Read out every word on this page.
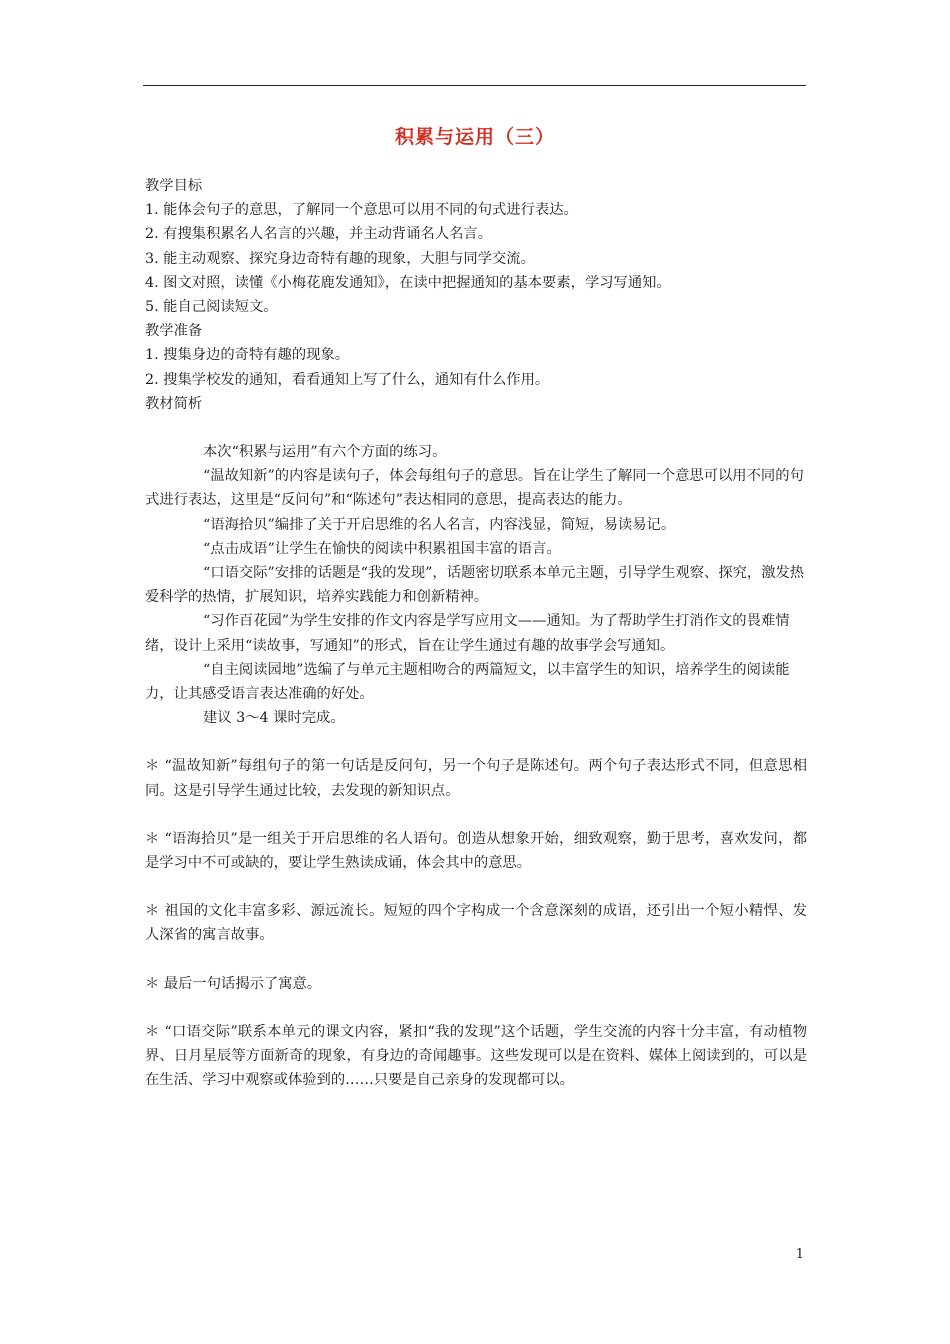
积累与运用（三）

教学目标

1. 能体会句子的意思，了解同一个意思可以用不同的句式进行表达。

2. 有搜集积累名人名言的兴趣，并主动背诵名人名言。

3. 能主动观察、探究身边奇特有趣的现象，大胆与同学交流。

4. 图文对照，读懂《小梅花鹿发通知》，在读中把握通知的基本要素，学习写通知。

5. 能自己阅读短文。

教学准备

1. 搜集身边的奇特有趣的现象。

2. 搜集学校发的通知，看看通知上写了什么，通知有什么作用。

教材简析

本次“积累与运用”有六个方面的练习。

“温故知新”的内容是读句子，体会每组句子的意思。旨在让学生了解同一个意思可以用不同的句式进行表达，这里是“反问句”和“陈述句”表达相同的意思，提高表达的能力。

“语海拾贝”编排了关于开启思维的名人名言，内容浅显，简短，易读易记。

“点击成语”让学生在愉快的阅读中积累祖国丰富的语言。

“口语交际”安排的话题是“我的发现”，话题密切联系本单元主题，引导学生观察、探究，激发热爱科学的热情，扩展知识，培养实践能力和创新精神。

“习作百花园”为学生安排的作文内容是学写应用文——通知。为了帮助学生打消作文的畏难情绪，设计上采用“读故事，写通知”的形式，旨在让学生通过有趣的故事学会写通知。

“自主阅读园地”选编了与单元主题相吻合的两篇短文，以丰富学生的知识，培养学生的阅读能力，让其感受语言表达准确的好处。

建议 3～4 课时完成。

＊ “温故知新”每组句子的第一句话是反问句，另一个句子是陈述句。两个句子表达形式不同，但意思相同。这是引导学生通过比较，去发现的新知识点。

＊ “语海拾贝”是一组关于开启思维的名人语句。创造从想象开始，细致观察，勤于思考，喜欢发问，都是学习中不可或缺的，要让学生熟读成诵，体会其中的意思。

＊ 祖国的文化丰富多彩、源远流长。短短的四个字构成一个含意深刻的成语，还引出一个短小精悍、发人深省的寓言故事。

＊ 最后一句话揭示了寓意。

＊ “口语交际”联系本单元的课文内容，紧扣“我的发现”这个话题，学生交流的内容十分丰富，有动植物界、日月星辰等方面新奇的现象，有身边的奇闻趣事。这些发现可以是在资料、媒体上阅读到的，可以是在生活、学习中观察或体验到的……只要是自己亲身的发现都可以。

1
